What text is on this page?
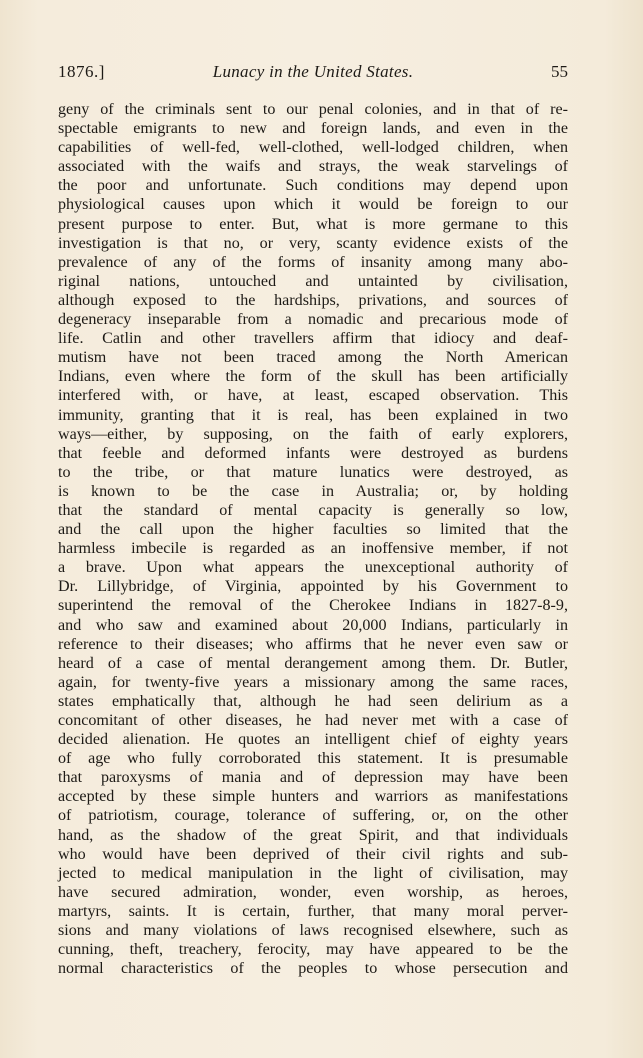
1876.]	Lunacy in the United States.	55
geny of the criminals sent to our penal colonies, and in that of re-
spectable emigrants to new and foreign lands, and even in the
capabilities of well-fed, well-clothed, well-lodged children, when
associated with the waifs and strays, the weak starvelings of
the poor and unfortunate. Such conditions may depend upon
physiological causes upon which it would be foreign to our
present purpose to enter. But, what is more germane to this
investigation is that no, or very, scanty evidence exists of the
prevalence of any of the forms of insanity among many abo-
riginal nations, untouched and untainted by civilisation,
although exposed to the hardships, privations, and sources of
degeneracy inseparable from a nomadic and precarious mode of
life. Catlin and other travellers affirm that idiocy and deaf-
mutism have not been traced among the North American
Indians, even where the form of the skull has been artificially
interfered with, or have, at least, escaped observation. This
immunity, granting that it is real, has been explained in two
ways—either, by supposing, on the faith of early explorers,
that feeble and deformed infants were destroyed as burdens
to the tribe, or that mature lunatics were destroyed, as
is known to be the case in Australia; or, by holding
that the standard of mental capacity is generally so low,
and the call upon the higher faculties so limited that the
harmless imbecile is regarded as an inoffensive member, if not
a brave. Upon what appears the unexceptional authority of
Dr. Lillybridge, of Virginia, appointed by his Government to
superintend the removal of the Cherokee Indians in 1827-8-9,
and who saw and examined about 20,000 Indians, particularly in
reference to their diseases; who affirms that he never even saw or
heard of a case of mental derangement among them. Dr. Butler,
again, for twenty-five years a missionary among the same races,
states emphatically that, although he had seen delirium as a
concomitant of other diseases, he had never met with a case of
decided alienation. He quotes an intelligent chief of eighty years
of age who fully corroborated this statement. It is presumable
that paroxysms of mania and of depression may have been
accepted by these simple hunters and warriors as manifestations
of patriotism, courage, tolerance of suffering, or, on the other
hand, as the shadow of the great Spirit, and that individuals
who would have been deprived of their civil rights and sub-
jected to medical manipulation in the light of civilisation, may
have secured admiration, wonder, even worship, as heroes,
martyrs, saints. It is certain, further, that many moral perver-
sions and many violations of laws recognised elsewhere, such as
cunning, theft, treachery, ferocity, may have appeared to be the
normal characteristics of the peoples to whose persecution and
